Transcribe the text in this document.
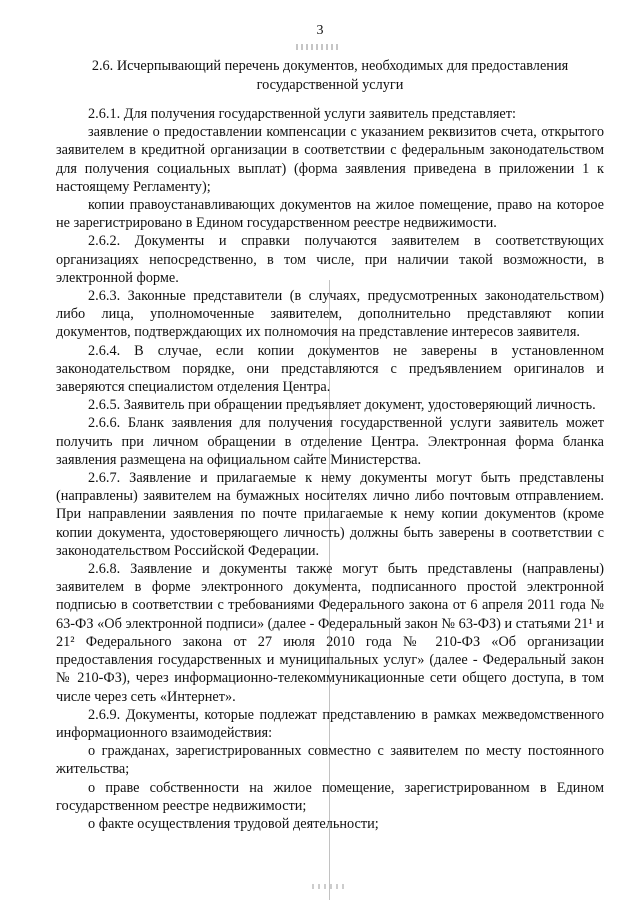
3
2.6. Исчерпывающий перечень документов, необходимых для предоставления государственной услуги

2.6.1. Для получения государственной услуги заявитель представляет:

заявление о предоставлении компенсации с указанием реквизитов счета, открытого заявителем в кредитной организации в соответствии с федеральным законодательством для получения социальных выплат) (форма заявления приведена в приложении 1 к настоящему Регламенту);

копии правоустанавливающих документов на жилое помещение, право на которое не зарегистрировано в Едином государственном реестре недвижимости.

2.6.2. Документы и справки получаются заявителем в соответствующих организациях непосредственно, в том числе, при наличии такой возможности, в электронной форме.

2.6.3. Законные представители (в случаях, предусмотренных законодательством) либо лица, уполномоченные заявителем, дополнительно представляют копии документов, подтверждающих их полномочия на представление интересов заявителя.

2.6.4. В случае, если копии документов не заверены в установленном законодательством порядке, они представляются с предъявлением оригиналов и заверяются специалистом отделения Центра.

2.6.5. Заявитель при обращении предъявляет документ, удостоверяющий личность.

2.6.6. Бланк заявления для получения государственной услуги заявитель может получить при личном обращении в отделение Центра. Электронная форма бланка заявления размещена на официальном сайте Министерства.

2.6.7. Заявление и прилагаемые к нему документы могут быть представлены (направлены) заявителем на бумажных носителях лично либо почтовым отправлением. При направлении заявления по почте прилагаемые к нему копии документов (кроме копии документа, удостоверяющего личность) должны быть заверены в соответствии с законодательством Российской Федерации.

2.6.8. Заявление и документы также могут быть представлены (направлены) заявителем в форме электронного документа, подписанного простой электронной подписью в соответствии с требованиями Федерального закона от 6 апреля 2011 года № 63-ФЗ «Об электронной подписи» (далее - Федеральный закон № 63-ФЗ) и статьями 21¹ и 21² Федерального закона от 27 июля 2010 года № 210-ФЗ «Об организации предоставления государственных и муниципальных услуг» (далее - Федеральный закон № 210-ФЗ), через информационно-телекоммуникационные сети общего доступа, в том числе через сеть «Интернет».

2.6.9. Документы, которые подлежат представлению в рамках межведомственного информационного взаимодействия:

о гражданах, зарегистрированных совместно с заявителем по месту постоянного жительства;

о праве собственности на жилое помещение, зарегистрированном в Едином государственном реестре недвижимости;

о факте осуществления трудовой деятельности;
